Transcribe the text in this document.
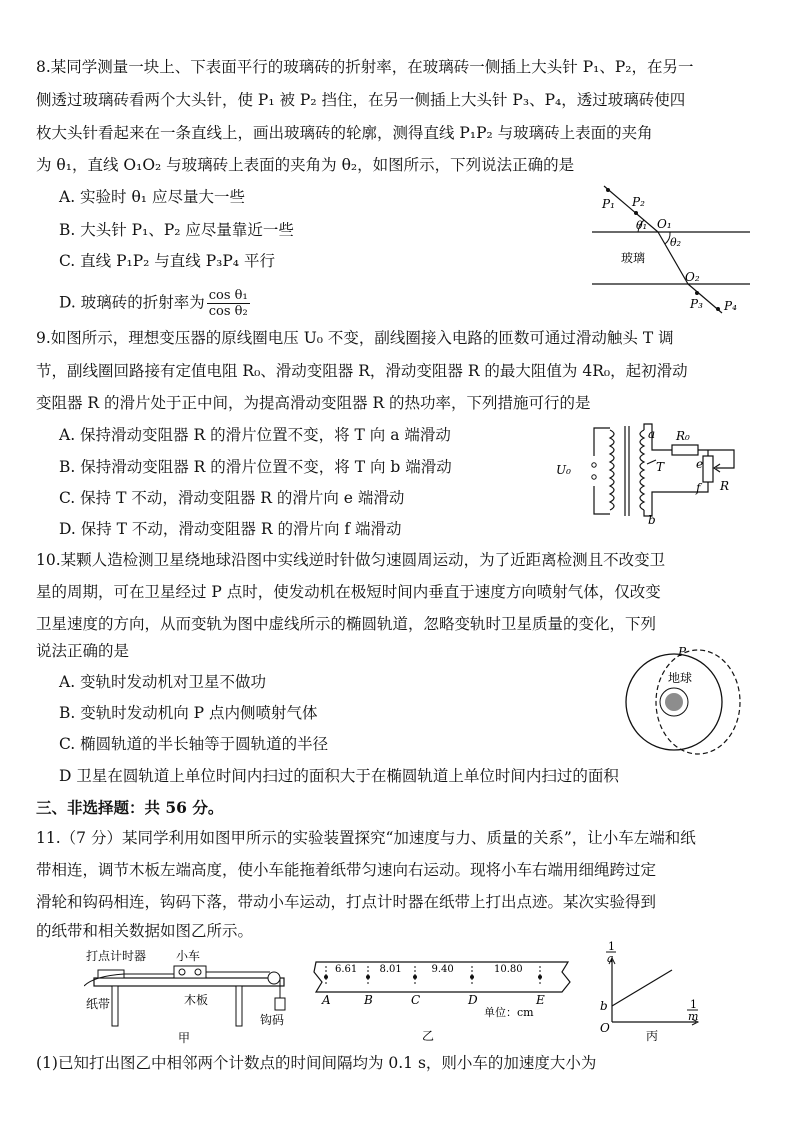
8.某同学测量一块上、下表面平行的玻璃砖的折射率，在玻璃砖一侧插上大头针 P₁、P₂，在另一
侧透过玻璃砖看两个大头针，使 P₁ 被 P₂ 挡住，在另一侧插上大头针 P₃、P₄，透过玻璃砖使四
枚大头针看起来在一条直线上，画出玻璃砖的轮廓，测得直线 P₁P₂ 与玻璃砖上表面的夹角
为 θ₁，直线 O₁O₂ 与玻璃砖上表面的夹角为 θ₂，如图所示，下列说法正确的是
A. 实验时 θ₁ 应尽量大一些
B. 大头针 P₁、P₂ 应尽量靠近一些
C. 直线 P₁P₂ 与直线 P₃P₄ 平行
D. 玻璃砖的折射率为 $\frac{\text{cos θ₁}}{\text{cos θ₂}}$
P₁ P₂
O₁
θ₁
θ₂
玻璃
O₂
P₃ P₄
9.如图所示，理想变压器的原线圈电压 U₀ 不变，副线圈接入电路的匝数可通过滑动触头 T 调
节，副线圈回路接有定值电阻 R₀、滑动变阻器 R，滑动变阻器 R 的最大阻值为 4R₀，起初滑动
变阻器 R 的滑片处于正中间，为提高滑动变阻器 R 的热功率，下列措施可行的是
A. 保持滑动变阻器 R 的滑片位置不变，将 T 向 a 端滑动
B. 保持滑动变阻器 R 的滑片位置不变，将 T 向 b 端滑动
C. 保持 T 不动，滑动变阻器 R 的滑片向 e 端滑动
D. 保持 T 不动，滑动变阻器 R 的滑片向 f 端滑动
U₀
a R₀
T	e
f R
b
10.某颗人造检测卫星绕地球沿图中实线逆时针做匀速圆周运动，为了近距离检测且不改变卫
星的周期，可在卫星经过 P 点时，使发动机在极短时间内垂直于速度方向喷射气体，仅改变
卫星速度的方向，从而变轨为图中虚线所示的椭圆轨道，忽略变轨时卫星质量的变化，下列
说法正确的是
A. 变轨时发动机对卫星不做功
B. 变轨时发动机向 P 点内侧喷射气体
C. 椭圆轨道的半长轴等于圆轨道的半径
D 卫星在圆轨道上单位时间内扫过的面积大于在椭圆轨道上单位时间内扫过的面积
P
地球
三、非选择题：共 56 分。
11.（7 分）某同学利用如图甲所示的实验装置探究“加速度与力、质量的关系”，让小车左端和纸
带相连，调节木板左端高度，使小车能拖着纸带匀速向右运动。现将小车右端用细绳跨过定
滑轮和钩码相连，钩码下落，带动小车运动，打点计时器在纸带上打出点迹。某次实验得到
的纸带和相关数据如图乙所示。
打点计时器 小车
纸带	木板
钩码
甲
A	B	C	D	E
6.61 8.01	9.40	10.80
单位：cm
乙
1
a
1
m
b
O
丙
(1)已知打出图乙中相邻两个计数点的时间间隔均为 0.1 s，则小车的加速度大小为
